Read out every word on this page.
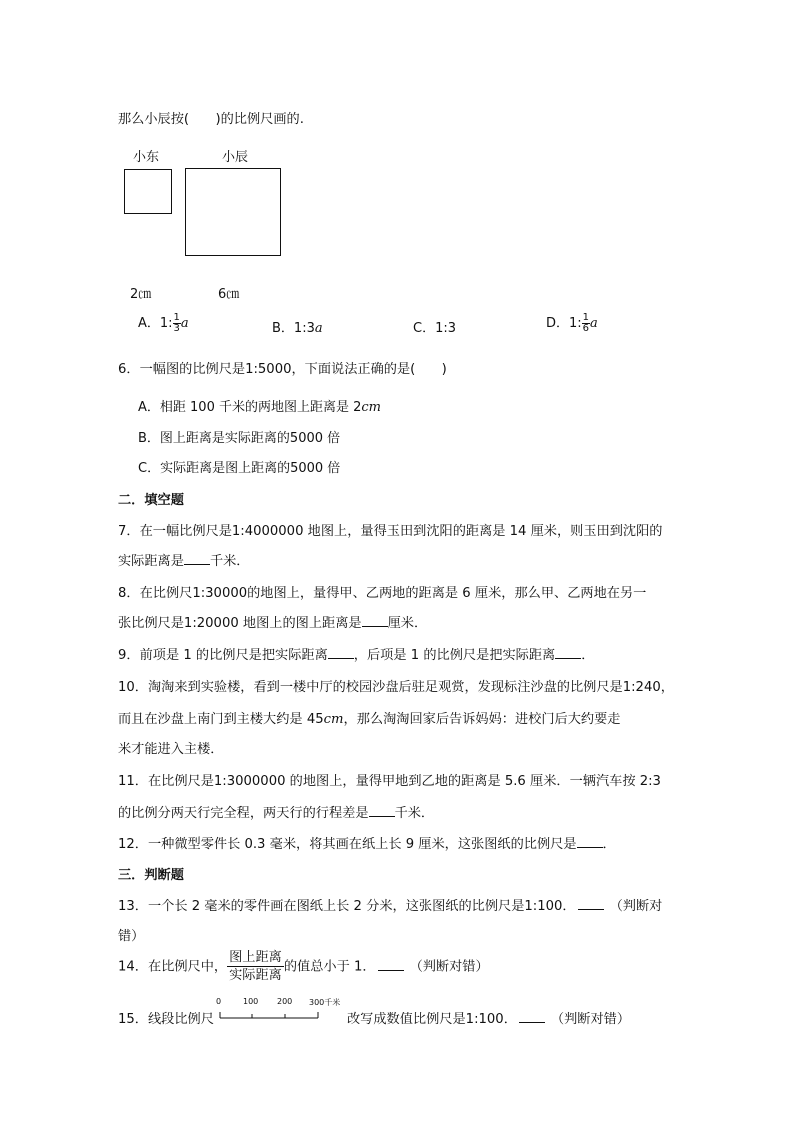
那么小辰按(　　)的比例尺画的.
小东	小辰
2㎝	6㎝
A．1: $\frac{1}{3}$ a	B．1:3a	C．1:3	D．1: $\frac{1}{6}$ a
6．一幅图的比例尺是1:5000，下面说法正确的是(　　)
A．相距 100 千米的两地图上距离是 2cm
B．图上距离是实际距离的5000 倍
C．实际距离是图上距离的5000 倍
二．填空题
7．在一幅比例尺是1:4000000 地图上，量得玉田到沈阳的距离是 14 厘米，则玉田到沈阳的
实际距离是 千米．
8．在比例尺1:30000的地图上，量得甲、乙两地的距离是 6 厘米，那么甲、乙两地在另一
张比例尺是1:20000 地图上的图上距离是 厘米．
9．前项是 1 的比例尺是把实际距离 ，后项是 1 的比例尺是把实际距离 ．
10．淘淘来到实验楼，看到一楼中厅的校园沙盘后驻足观赏，发现标注沙盘的比例尺是1:240，
而且在沙盘上南门到主楼大约是 45cm，那么淘淘回家后告诉妈妈：进校门后大约要走
米才能进入主楼．
11．在比例尺是1:3000000 的地图上，量得甲地到乙地的距离是 5.6 厘米．一辆汽车按 2:3
的比例分两天行完全程，两天行的行程差是 千米．
12．一种微型零件长 0.3 毫米，将其画在纸上长 9 厘米，这张图纸的比例尺是 ．
三．判断题
13．一个长 2 毫米的零件画在图纸上长 2 分米，这张图纸的比例尺是1:100．	（判断对
错）
14．在比例尺中， $\frac{\text{图上距离}}{\text{实际距离}}$ 的值总小于 1．	（判断对错）
15．线段比例尺
0	100 200 300千米
改写成数值比例尺是1:100．	（判断对错）
